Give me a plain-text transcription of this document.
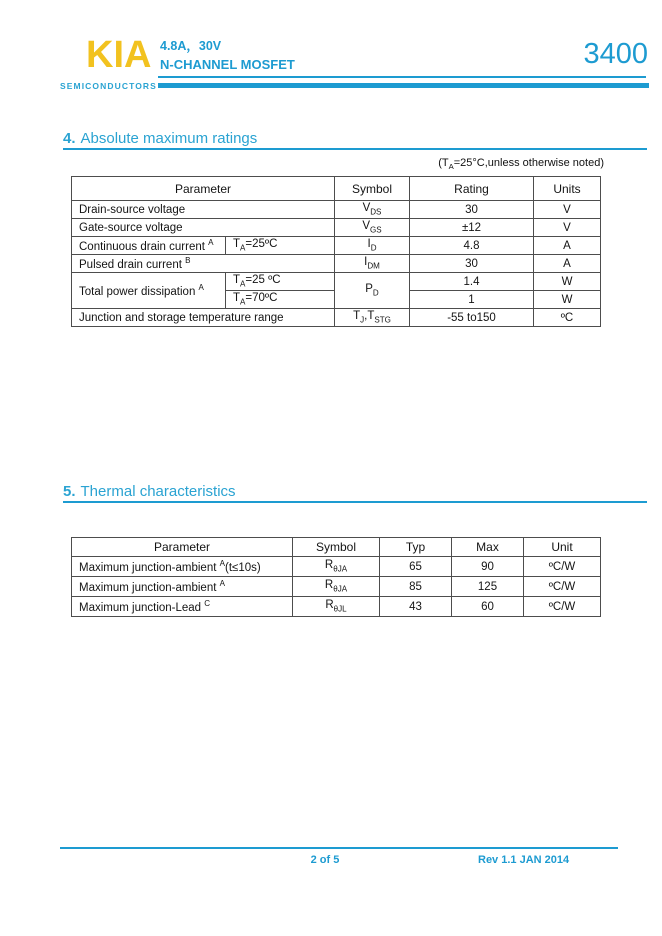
KIA
SEMICONDUCTORS
4.8A，30V
N-CHANNEL MOSFET	3400
4. Absolute maximum ratings
($T_A=25^\circ C,unless$ otherwise noted)
Parameter		Symbol	Rating	Units
Drain-source voltage		$V_{DS}$	30	V
Gate-source voltage		$V_{GS}$	±12	V
Continuous drain current $^A$	$T_A=25ºC$	$I_D$	4.8	A
Pulsed drain current $^B$		$I_{DM}$	30	A
Total power dissipation $^A$	$T_A=25$ ºC	$P_D$	1.4	W
	$T_A=70ºC$		1	W
Junction and storage temperature range		$T_J,T_{STG}$	-55 to150	ºC
5. Thermal characteristics
Parameter	Symbol	Typ	Max	Unit
Maximum junction-ambient $^A$(t≤10s)	$R_{\theta JA}$	65	90	ºC/W
Maximum junction-ambient $^A$	$R_{\theta JA}$	85	125	ºC/W
Maximum junction-Lead $^C$	$R_{\theta JL}$	43	60	ºC/W
2 of 5	Rev 1.1 JAN 2014
